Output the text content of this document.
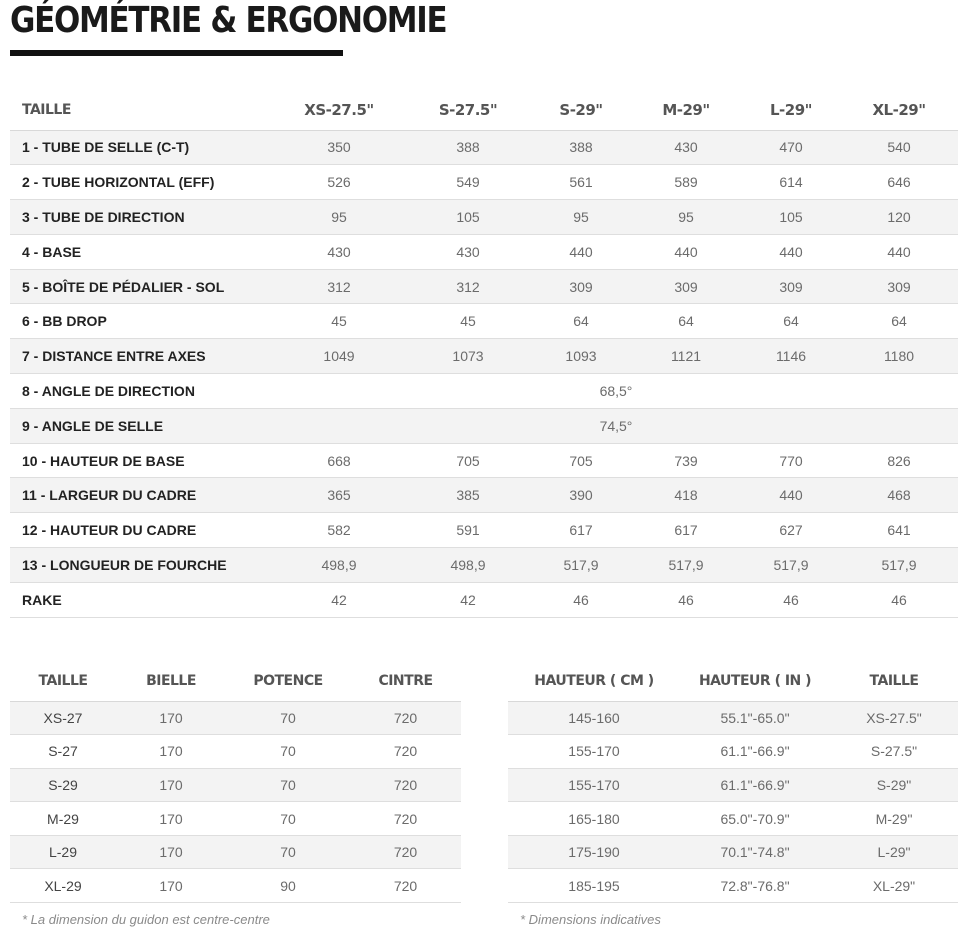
GÉOMÉTRIE & ERGONOMIE
TAILLE	XS-27.5"	S-27.5"	S-29"	M-29"	L-29"	XL-29"
1 - TUBE DE SELLE (C-T)	350	388	388	430	470	540
2 - TUBE HORIZONTAL (EFF)	526	549	561	589	614	646
3 - TUBE DE DIRECTION	95	105	95	95	105	120
4 - BASE	430	430	440	440	440	440
5 - BOÎTE DE PÉDALIER - SOL	312	312	309	309	309	309
6 - BB DROP	45	45	64	64	64	64
7 - DISTANCE ENTRE AXES	1049	1073	1093	1121	1146	1180
8 - ANGLE DE DIRECTION	68,5°					
9 - ANGLE DE SELLE	74,5°					
10 - HAUTEUR DE BASE	668	705	705	739	770	826
11 - LARGEUR DU CADRE	365	385	390	418	440	468
12 - HAUTEUR DU CADRE	582	591	617	617	627	641
13 - LONGUEUR DE FOURCHE	498,9	498,9	517,9	517,9	517,9	517,9
RAKE	42	42	46	46	46	46
TAILLE	BIELLE	POTENCE	CINTRE
XS-27	170	70	720
S-27	170	70	720
S-29	170	70	720
M-29	170	70	720
L-29	170	70	720
XL-29	170	90	720
HAUTEUR ( CM )	HAUTEUR ( IN )	TAILLE
145-160	55.1"-65.0"	XS-27.5"
155-170	61.1"-66.9"	S-27.5"
155-170	61.1"-66.9"	S-29"
165-180	65.0"-70.9"	M-29"
175-190	70.1"-74.8"	L-29"
185-195	72.8"-76.8"	XL-29"
* La dimension du guidon est centre-centre	* Dimensions indicatives
